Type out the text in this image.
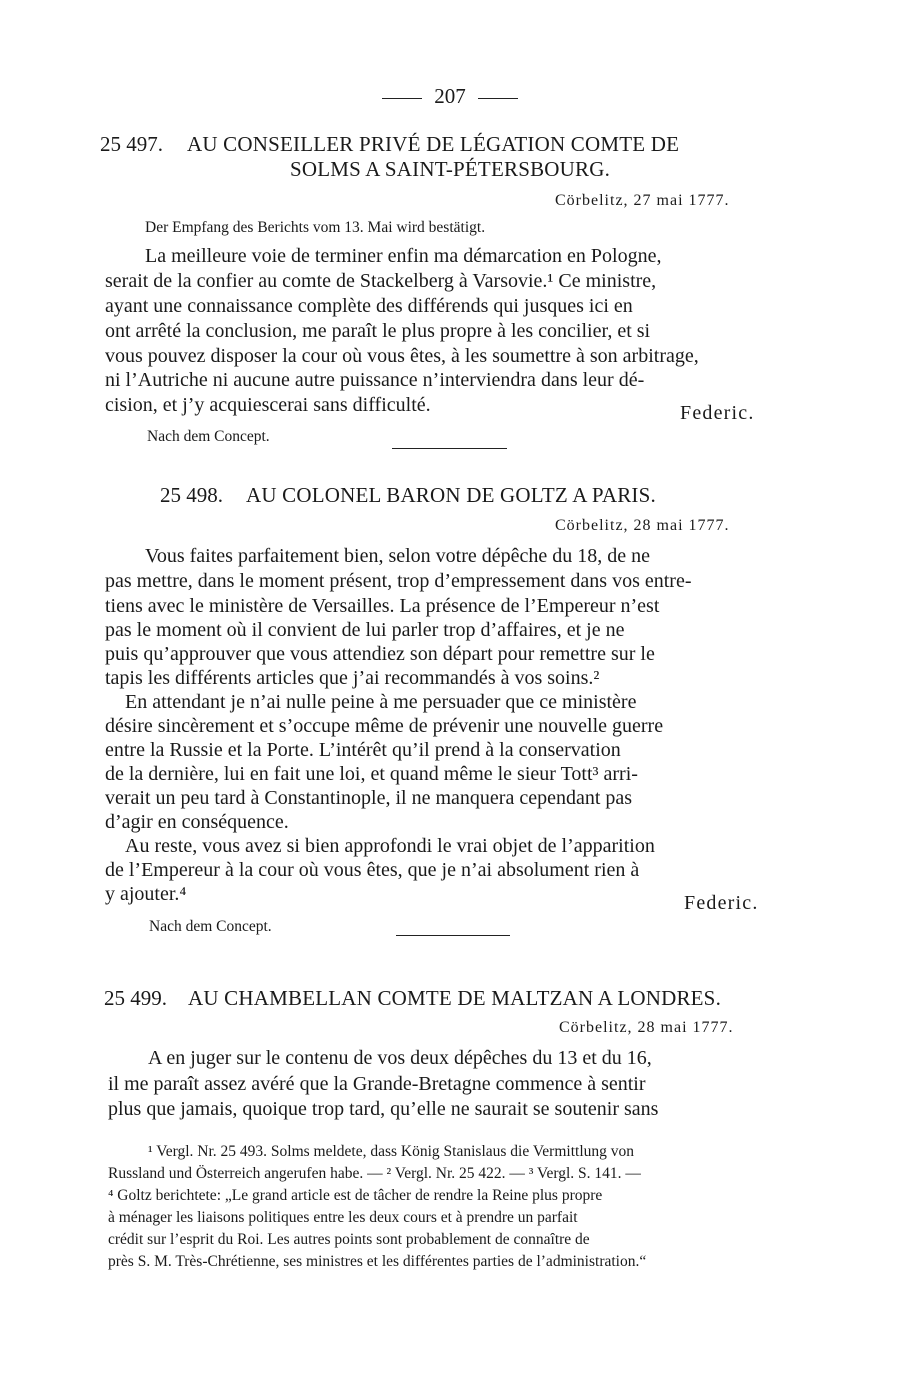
207
25 497. AU CONSEILLER PRIVÉ DE LÉGATION COMTE DE
SOLMS A SAINT-PÉTERSBOURG.
Cörbelitz, 27 mai 1777.
Der Empfang des Berichts vom 13. Mai wird bestätigt.
La meilleure voie de terminer enfin ma démarcation en Pologne,
serait de la confier au comte de Stackelberg à Varsovie.¹ Ce ministre,
ayant une connaissance complète des différends qui jusques ici en
ont arrêté la conclusion, me paraît le plus propre à les concilier, et si
vous pouvez disposer la cour où vous êtes, à les soumettre à son arbitrage,
ni l’Autriche ni aucune autre puissance n’interviendra dans leur dé-
cision, et j’y acquiescerai sans difficulté.	Federic.
Nach dem Concept.
25 498. AU COLONEL BARON DE GOLTZ A PARIS.
Cörbelitz, 28 mai 1777.
Vous faites parfaitement bien, selon votre dépêche du 18, de ne
pas mettre, dans le moment présent, trop d’empressement dans vos entre-
tiens avec le ministère de Versailles. La présence de l’Empereur n’est
pas le moment où il convient de lui parler trop d’affaires, et je ne
puis qu’approuver que vous attendiez son départ pour remettre sur le
tapis les différents articles que j’ai recommandés à vos soins.²
En attendant je n’ai nulle peine à me persuader que ce ministère
désire sincèrement et s’occupe même de prévenir une nouvelle guerre
entre la Russie et la Porte. L’intérêt qu’il prend à la conservation
de la dernière, lui en fait une loi, et quand même le sieur Tott³ arri-
verait un peu tard à Constantinople, il ne manquera cependant pas
d’agir en conséquence.
Au reste, vous avez si bien approfondi le vrai objet de l’apparition
de l’Empereur à la cour où vous êtes, que je n’ai absolument rien à
y ajouter.⁴	Federic.
Nach dem Concept.
25 499. AU CHAMBELLAN COMTE DE MALTZAN A LONDRES.
Cörbelitz, 28 mai 1777.
A en juger sur le contenu de vos deux dépêches du 13 et du 16,
il me paraît assez avéré que la Grande-Bretagne commence à sentir
plus que jamais, quoique trop tard, qu’elle ne saurait se soutenir sans
¹ Vergl. Nr. 25 493. Solms meldete, dass König Stanislaus die Vermittlung von
Russland und Österreich angerufen habe. — ² Vergl. Nr. 25 422. — ³ Vergl. S. 141. —
⁴ Goltz berichtete: „Le grand article est de tâcher de rendre la Reine plus propre
à ménager les liaisons politiques entre les deux cours et à prendre un parfait
crédit sur l’esprit du Roi. Les autres points sont probablement de connaître de
près S. M. Très-Chrétienne, ses ministres et les différentes parties de l’administration.“
